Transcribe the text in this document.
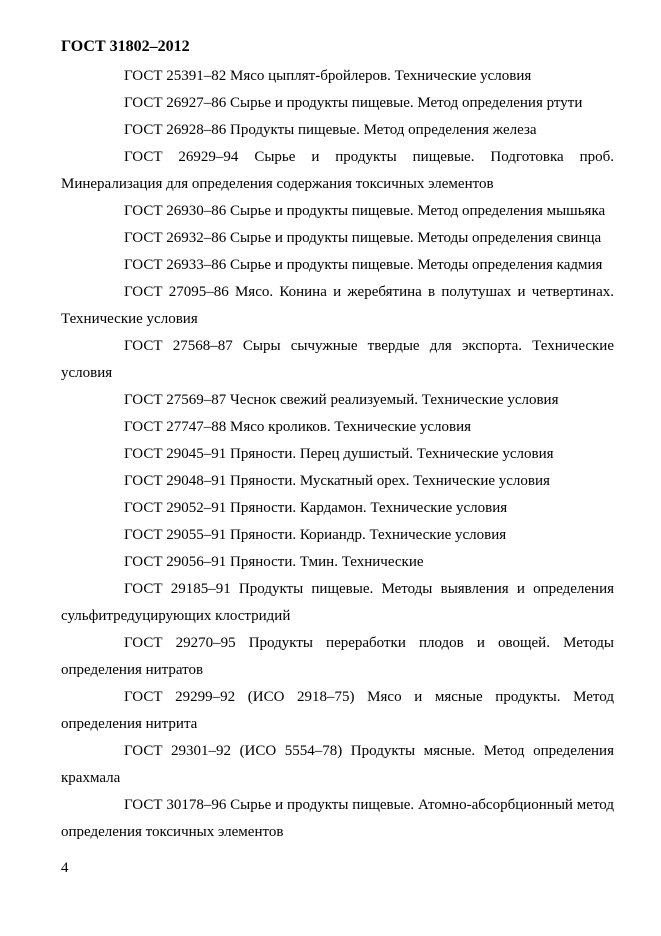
ГОСТ 31802–2012

ГОСТ 25391–82 Мясо цыплят-бройлеров. Технические условия

ГОСТ 26927–86 Сырье и продукты пищевые. Метод определения ртути

ГОСТ 26928–86 Продукты пищевые. Метод определения железа

ГОСТ 26929–94 Сырье и продукты пищевые. Подготовка проб. Минерализация для определения содержания токсичных элементов

ГОСТ 26930–86 Сырье и продукты пищевые. Метод определения мышьяка

ГОСТ 26932–86 Сырье и продукты пищевые. Методы определения свинца

ГОСТ 26933–86 Сырье и продукты пищевые. Методы определения кадмия

ГОСТ 27095–86 Мясо. Конина и жеребятина в полутушах и четвертинах. Технические условия

ГОСТ 27568–87 Сыры сычужные твердые для экспорта. Технические условия

ГОСТ 27569–87 Чеснок свежий реализуемый. Технические условия

ГОСТ 27747–88 Мясо кроликов. Технические условия

ГОСТ 29045–91 Пряности. Перец душистый. Технические условия

ГОСТ 29048–91 Пряности. Мускатный орех. Технические условия

ГОСТ 29052–91 Пряности. Кардамон. Технические условия

ГОСТ 29055–91 Пряности. Кориандр. Технические условия

ГОСТ 29056–91 Пряности. Тмин. Технические

ГОСТ 29185–91 Продукты пищевые. Методы выявления и определения сульфитредуцирующих клостридий

ГОСТ 29270–95 Продукты переработки плодов и овощей. Методы определения нитратов

ГОСТ 29299–92 (ИСО 2918–75) Мясо и мясные продукты. Метод определения нитрита

ГОСТ 29301–92 (ИСО 5554–78) Продукты мясные. Метод определения крахмала

ГОСТ 30178–96 Сырье и продукты пищевые. Атомно-абсорбционный метод определения токсичных элементов

4
